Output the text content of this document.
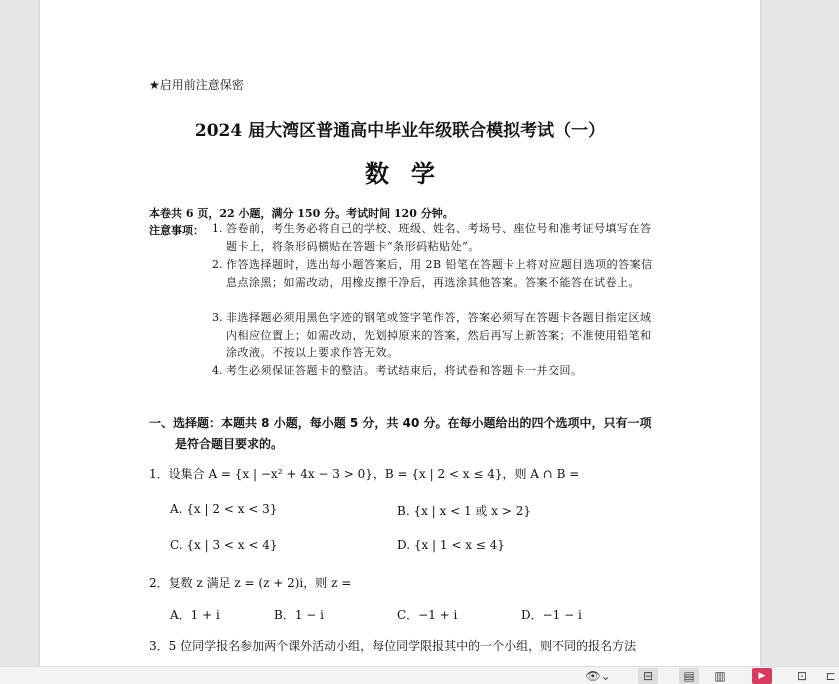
★启用前注意保密
2024 届大湾区普通高中毕业年级联合模拟考试（一）
数学
本卷共 6 页，22 小题，满分 150 分。考试时间 120 分钟。
注意事项： 1. 答卷前，考生务必将自己的学校、班级、姓名、考场号、座位号和准考证号填写在答题卡上，将条形码横贴在答题卡“条形码粘贴处”。
2. 作答选择题时，选出每小题答案后，用 2B 铅笔在答题卡上将对应题目选项的答案信息点涂黑；如需改动，用橡皮擦干净后，再选涂其他答案。答案不能答在试卷上。
3. 非选择题必须用黑色字迹的钢笔或签字笔作答，答案必须写在答题卡各题目指定区域内相应位置上；如需改动，先划掉原来的答案，然后再写上新答案；不准使用铅笔和涂改液。不按以上要求作答无效。
4. 考生必须保证答题卡的整洁。考试结束后，将试卷和答题卡一并交回。
一、选择题：本题共 8 小题，每小题 5 分，共 40 分。在每小题给出的四个选项中，只有一项
是符合题目要求的。
1．设集合 A = {x | −x² + 4x − 3 > 0}，B = {x | 2 < x ≤ 4}，则 A ∩ B =
A. {x | 2 < x < 3}	B. {x | x < 1 或 x > 2}
C. {x | 3 < x < 4}	D. {x | 1 < x ≤ 4}
2．复数 z 满足 z = (z + 2)i，则 z =
A．1 + i	B．1 − i	C．−1 + i	D．−1 − i
3．5 位同学报名参加两个课外活动小组，每位同学限报其中的一个小组，则不同的报名方法
👁⌄	⊟	▤	▥	▶	⊡	⊏
